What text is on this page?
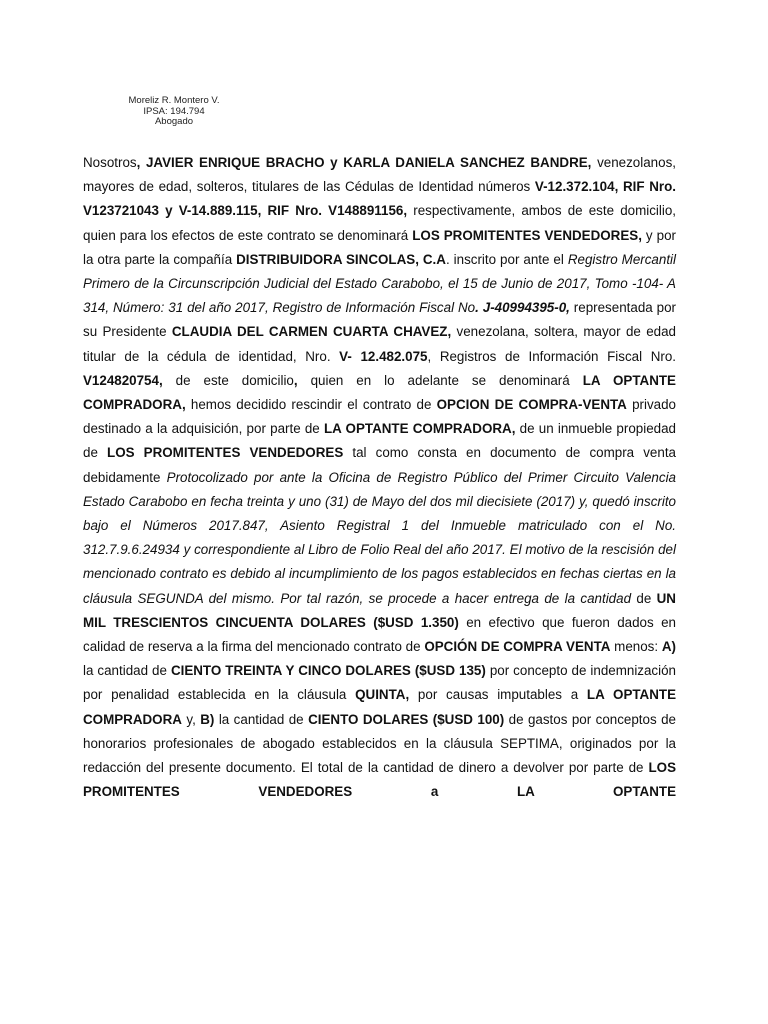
Moreliz R. Montero V.
IPSA: 194.794
Abogado

Nosotros, JAVIER ENRIQUE BRACHO y KARLA DANIELA SANCHEZ BANDRE, venezolanos, mayores de edad, solteros, titulares de las Cédulas de Identidad números V-12.372.104, RIF Nro. V123721043 y V-14.889.115, RIF Nro. V148891156, respectivamente, ambos de este domicilio, quien para los efectos de este contrato se denominará LOS PROMITENTES VENDEDORES, y por la otra parte la compañía DISTRIBUIDORA SINCOLAS, C.A. inscrito por ante el Registro Mercantil Primero de la Circunscripción Judicial del Estado Carabobo, el 15 de Junio de 2017, Tomo -104- A 314, Número: 31 del año 2017, Registro de Información Fiscal No. J-40994395-0, representada por su Presidente CLAUDIA DEL CARMEN CUARTA CHAVEZ, venezolana, soltera, mayor de edad titular de la cédula de identidad, Nro. V- 12.482.075, Registros de Información Fiscal Nro. V124820754, de este domicilio, quien en lo adelante se denominará LA OPTANTE COMPRADORA, hemos decidido rescindir el contrato de OPCION DE COMPRA-VENTA privado destinado a la adquisición, por parte de LA OPTANTE COMPRADORA, de un inmueble propiedad de LOS PROMITENTES VENDEDORES tal como consta en documento de compra venta debidamente Protocolizado por ante la Oficina de Registro Público del Primer Circuito Valencia Estado Carabobo en fecha treinta y uno (31) de Mayo del dos mil diecisiete (2017) y, quedó inscrito bajo el Números 2017.847, Asiento Registral 1 del Inmueble matriculado con el No. 312.7.9.6.24934 y correspondiente al Libro de Folio Real del año 2017. El motivo de la rescisión del mencionado contrato es debido al incumplimiento de los pagos establecidos en fechas ciertas en la cláusula SEGUNDA del mismo. Por tal razón, se procede a hacer entrega de la cantidad de UN MIL TRESCIENTOS CINCUENTA DOLARES ($USD 1.350) en efectivo que fueron dados en calidad de reserva a la firma del mencionado contrato de OPCIÓN DE COMPRA VENTA menos: A) la cantidad de CIENTO TREINTA Y CINCO DOLARES ($USD 135) por concepto de indemnización por penalidad establecida en la cláusula QUINTA, por causas imputables a LA OPTANTE COMPRADORA y, B) la cantidad de CIENTO DOLARES ($USD 100) de gastos por conceptos de honorarios profesionales de abogado establecidos en la cláusula SEPTIMA, originados por la redacción del presente documento. El total de la cantidad de dinero a devolver por parte de LOS PROMITENTES VENDEDORES a LA OPTANTE
